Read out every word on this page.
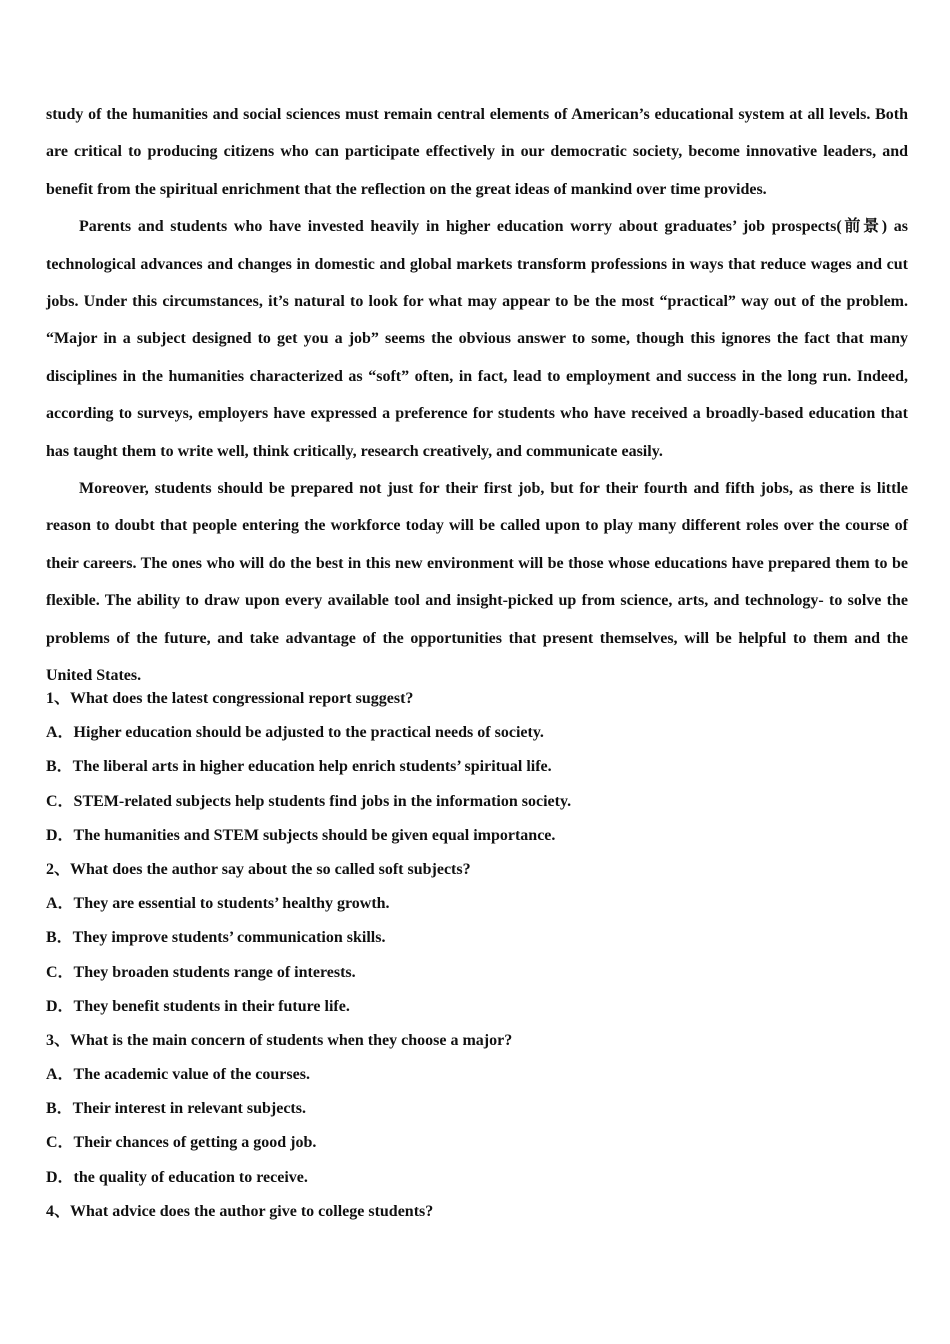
study of the humanities and social sciences must remain central elements of American’s educational system at all levels. Both are critical to producing citizens who can participate effectively in our democratic society, become innovative leaders, and benefit from the spiritual enrichment that the reflection on the great ideas of mankind over time provides.

Parents and students who have invested heavily in higher education worry about graduates’ job prospects(前景) as technological advances and changes in domestic and global markets transform professions in ways that reduce wages and cut jobs. Under this circumstances, it’s natural to look for what may appear to be the most “practical” way out of the problem. “Major in a subject designed to get you a job” seems the obvious answer to some, though this ignores the fact that many disciplines in the humanities characterized as “soft” often, in fact, lead to employment and success in the long run. Indeed, according to surveys, employers have expressed a preference for students who have received a broadly-based education that has taught them to write well, think critically, research creatively, and communicate easily.

Moreover, students should be prepared not just for their first job, but for their fourth and fifth jobs, as there is little reason to doubt that people entering the workforce today will be called upon to play many different roles over the course of their careers. The ones who will do the best in this new environment will be those whose educations have prepared them to be flexible. The ability to draw upon every available tool and insight-picked up from science, arts, and technology- to solve the problems of the future, and take advantage of the opportunities that present themselves, will be helpful to them and the United States.

1、What does the latest congressional report suggest?
A．Higher education should be adjusted to the practical needs of society.
B．The liberal arts in higher education help enrich students’ spiritual life.
C．STEM-related subjects help students find jobs in the information society.
D．The humanities and STEM subjects should be given equal importance.
2、What does the author say about the so called soft subjects?
A．They are essential to students’ healthy growth.
B．They improve students’ communication skills.
C．They broaden students range of interests.
D．They benefit students in their future life.
3、What is the main concern of students when they choose a major?
A．The academic value of the courses.
B．Their interest in relevant subjects.
C．Their chances of getting a good job.
D．the quality of education to receive.
4、What advice does the author give to college students?
